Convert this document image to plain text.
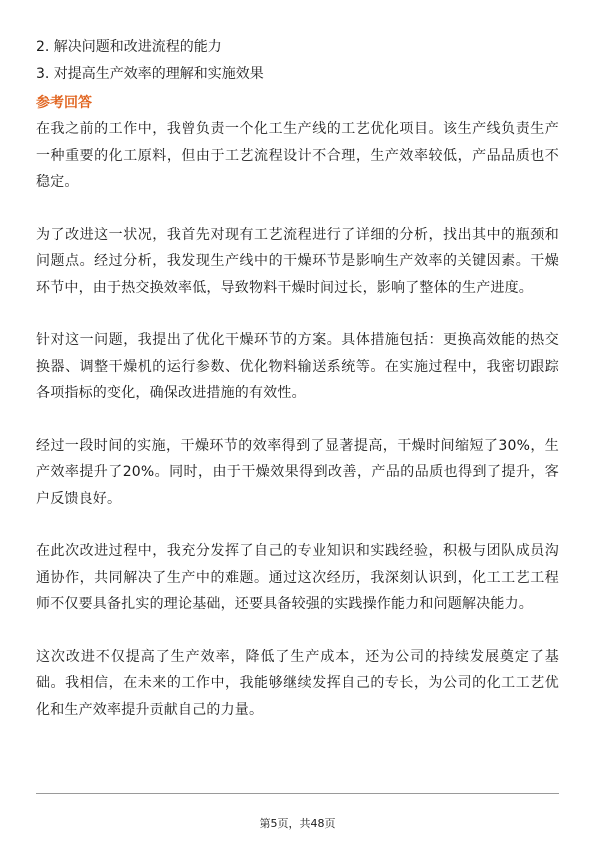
2. 解决问题和改进流程的能力

3. 对提高生产效率的理解和实施效果

参考回答

在我之前的工作中，我曾负责一个化工生产线的工艺优化项目。该生产线负责生产一种重要的化工原料，但由于工艺流程设计不合理，生产效率较低，产品品质也不稳定。

为了改进这一状况，我首先对现有工艺流程进行了详细的分析，找出其中的瓶颈和问题点。经过分析，我发现生产线中的干燥环节是影响生产效率的关键因素。干燥环节中，由于热交换效率低，导致物料干燥时间过长，影响了整体的生产进度。

针对这一问题，我提出了优化干燥环节的方案。具体措施包括：更换高效能的热交换器、调整干燥机的运行参数、优化物料输送系统等。在实施过程中，我密切跟踪各项指标的变化，确保改进措施的有效性。

经过一段时间的实施，干燥环节的效率得到了显著提高，干燥时间缩短了30%，生产效率提升了20%。同时，由于干燥效果得到改善，产品的品质也得到了提升，客户反馈良好。

在此次改进过程中，我充分发挥了自己的专业知识和实践经验，积极与团队成员沟通协作，共同解决了生产中的难题。通过这次经历，我深刻认识到，化工工艺工程师不仅要具备扎实的理论基础，还要具备较强的实践操作能力和问题解决能力。

这次改进不仅提高了生产效率，降低了生产成本，还为公司的持续发展奠定了基础。我相信，在未来的工作中，我能够继续发挥自己的专长，为公司的化工工艺优化和生产效率提升贡献自己的力量。

第5页，共48页
